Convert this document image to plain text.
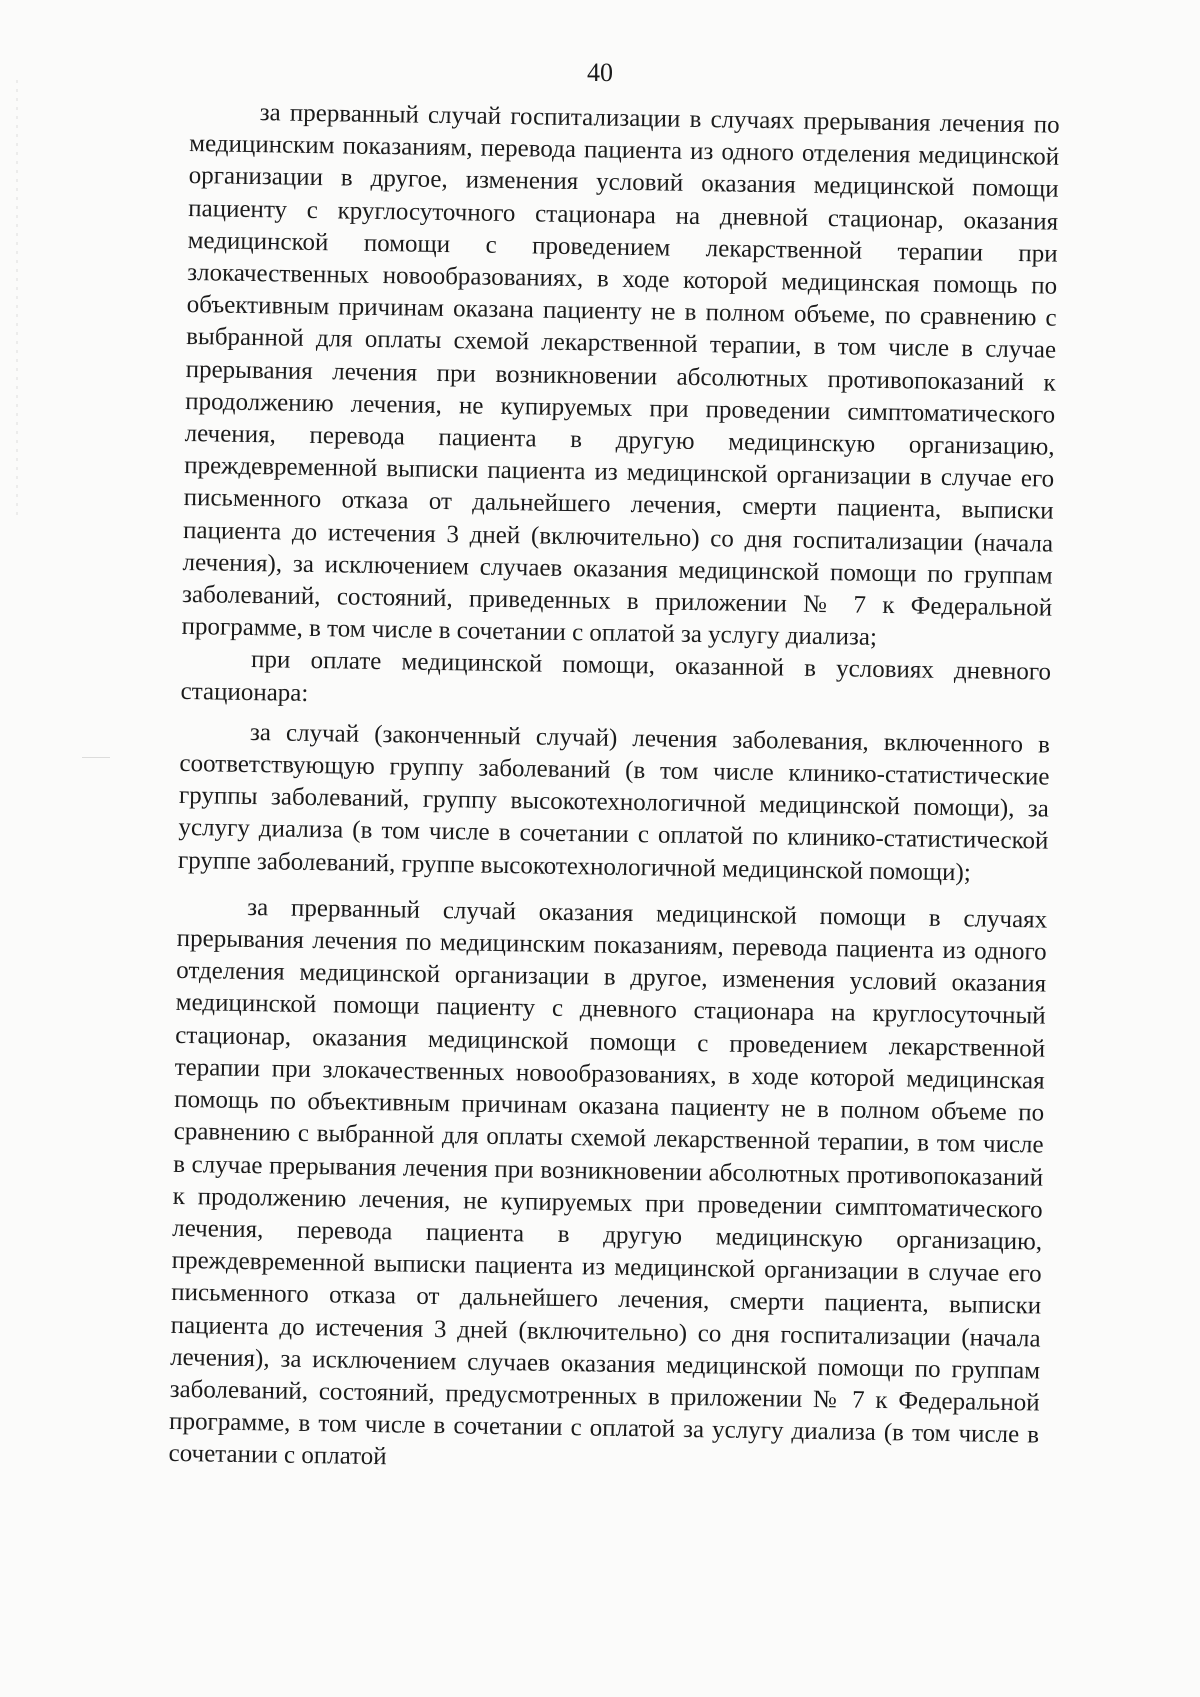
40

за прерванный случай госпитализации в случаях прерывания лечения по медицинским показаниям, перевода пациента из одного отделения медицинской организации в другое, изменения условий оказания медицинской помощи пациенту с круглосуточного стационара на дневной стационар, оказания медицинской помощи с проведением лекарственной терапии при злокачественных новообразованиях, в ходе которой медицинская помощь по объективным причинам оказана пациенту не в полном объеме, по сравнению с выбранной для оплаты схемой лекарственной терапии, в том числе в случае прерывания лечения при возникновении абсолютных противопоказаний к продолжению лечения, не купируемых при проведении симптоматического лечения, перевода пациента в другую медицинскую организацию, преждевременной выписки пациента из медицинской организации в случае его письменного отказа от дальнейшего лечения, смерти пациента, выписки пациента до истечения 3 дней (включительно) со дня госпитализации (начала лечения), за исключением случаев оказания медицинской помощи по группам заболеваний, состояний, приведенных в приложении № 7 к Федеральной программе, в том числе в сочетании с оплатой за услугу диализа;

при оплате медицинской помощи, оказанной в условиях дневного стационара:

за случай (законченный случай) лечения заболевания, включенного в соответствующую группу заболеваний (в том числе клинико-статистические группы заболеваний, группу высокотехнологичной медицинской помощи), за услугу диализа (в том числе в сочетании с оплатой по клинико-статистической группе заболеваний, группе высокотехнологичной медицинской помощи);

за прерванный случай оказания медицинской помощи в случаях прерывания лечения по медицинским показаниям, перевода пациента из одного отделения медицинской организации в другое, изменения условий оказания медицинской помощи пациенту с дневного стационара на круглосуточный стационар, оказания медицинской помощи с проведением лекарственной терапии при злокачественных новообразованиях, в ходе которой медицинская помощь по объективным причинам оказана пациенту не в полном объеме по сравнению с выбранной для оплаты схемой лекарственной терапии, в том числе в случае прерывания лечения при возникновении абсолютных противопоказаний к продолжению лечения, не купируемых при проведении симптоматического лечения, перевода пациента в другую медицинскую организацию, преждевременной выписки пациента из медицинской организации в случае его письменного отказа от дальнейшего лечения, смерти пациента, выписки пациента до истечения 3 дней (включительно) со дня госпитализации (начала лечения), за исключением случаев оказания медицинской помощи по группам заболеваний, состояний, предусмотренных в приложении № 7 к Федеральной программе, в том числе в сочетании с оплатой за услугу диализа (в том числе в сочетании с оплатой
